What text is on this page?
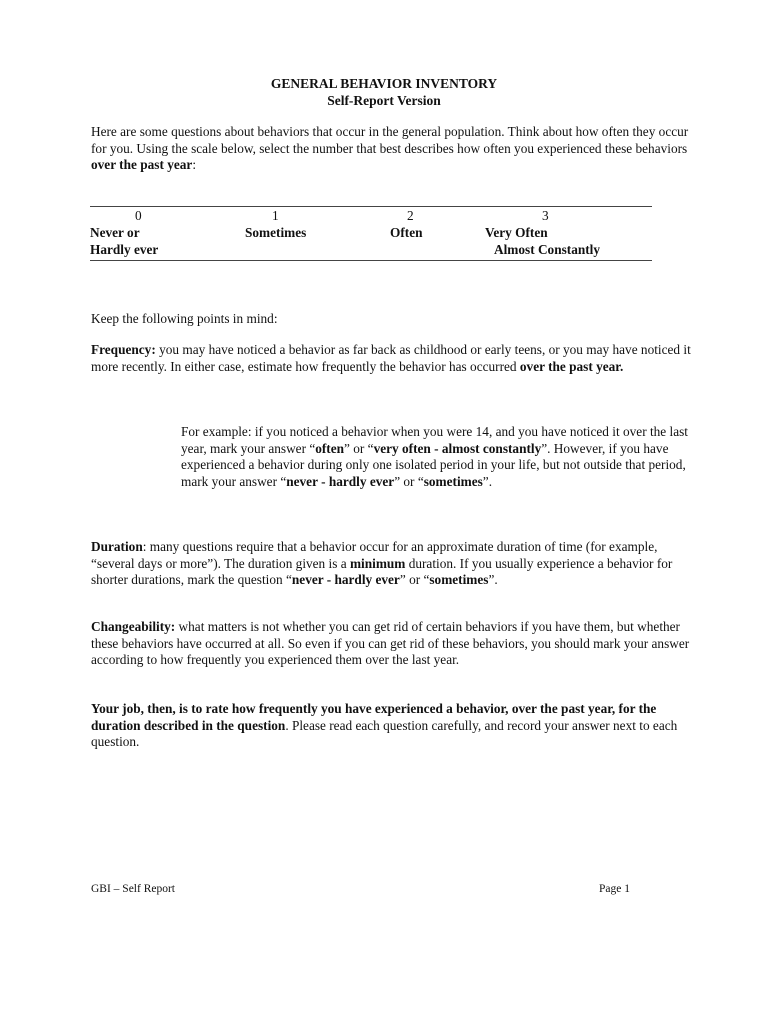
GENERAL BEHAVIOR INVENTORY
Self-Report Version

Here are some questions about behaviors that occur in the general population. Think about how often they occur for you. Using the scale below, select the number that best describes how often you experienced these behaviors over the past year:

0
Never or
Hardly ever
1
Sometimes
2
Often
3
Very Often
Almost Constantly

Keep the following points in mind:

Frequency: you may have noticed a behavior as far back as childhood or early teens, or you may have noticed it more recently. In either case, estimate how frequently the behavior has occurred over the past year.

For example: if you noticed a behavior when you were 14, and you have noticed it over the last year, mark your answer “often” or “very often - almost constantly”. However, if you have experienced a behavior during only one isolated period in your life, but not outside that period, mark your answer “never - hardly ever” or “sometimes”.

Duration: many questions require that a behavior occur for an approximate duration of time (for example, “several days or more”). The duration given is a minimum duration. If you usually experience a behavior for shorter durations, mark the question “never - hardly ever” or “sometimes”.

Changeability: what matters is not whether you can get rid of certain behaviors if you have them, but whether these behaviors have occurred at all. So even if you can get rid of these behaviors, you should mark your answer according to how frequently you experienced them over the last year.

Your job, then, is to rate how frequently you have experienced a behavior, over the past year, for the duration described in the question. Please read each question carefully, and record your answer next to each question.

GBI – Self Report	Page 1
